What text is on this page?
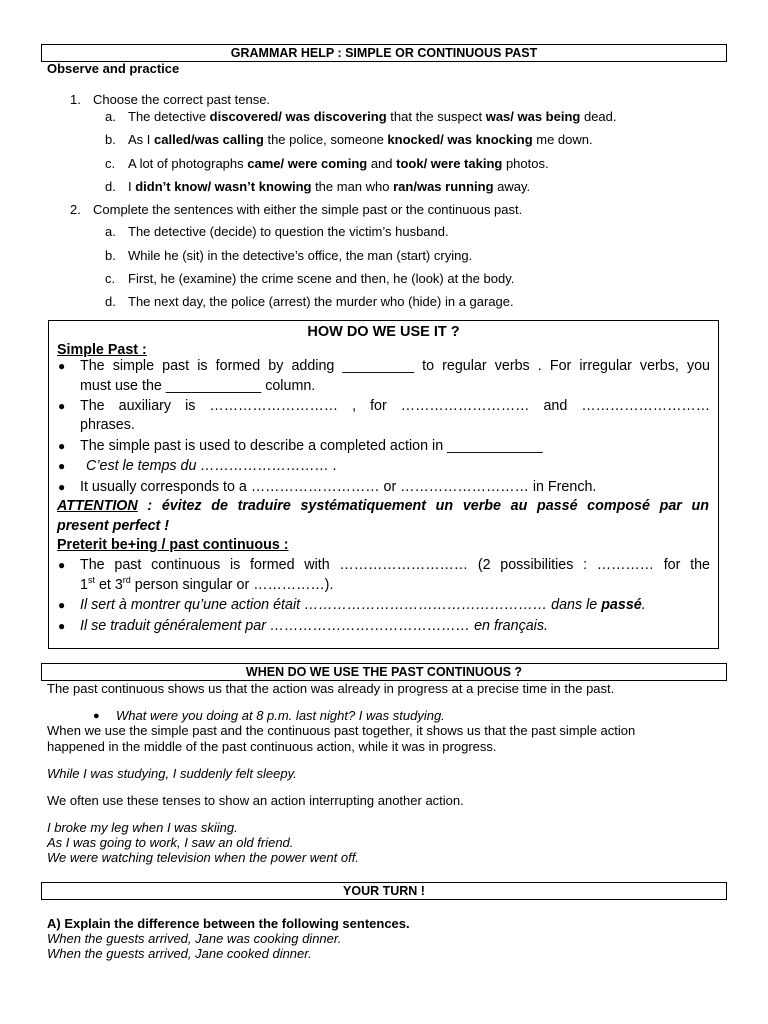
GRAMMAR HELP : SIMPLE OR CONTINUOUS PAST
Observe and practice
1. Choose the correct past tense.
a. The detective discovered/ was discovering that the suspect was/ was being dead.
b. As I called/was calling the police, someone knocked/ was knocking me down.
c. A lot of photographs came/ were coming and took/ were taking photos.
d. I didn’t know/ wasn’t knowing the man who ran/was running away.
2. Complete the sentences with either the simple past or the continuous past.
a. The detective (decide) to question the victim’s husband.
b. While he (sit) in the detective’s office, the man (start) crying.
c. First, he (examine) the crime scene and then, he (look) at the body.
d. The next day, the police (arrest) the murder who (hide) in a garage.
HOW DO WE USE IT ?
Simple Past :
● The simple past is formed by adding _________ to regular verbs . For irregular verbs, you
must use the ____________ column.
● The auxiliary is ……………………… , for ……………………… and ………………………
phrases.
● The simple past is used to describe a completed action in ____________
● C’est le temps du ……………………… .
● It usually corresponds to a ……………………… or ……………………… in French.
ATTENTION : évitez de traduire systématiquement un verbe au passé composé par un
present perfect !
Preterit be+ing / past continuous :
● The past continuous is formed with ……………………… (2 possibilities : ………… for the
1st et 3rd person singular or ……………).
● Il sert à montrer qu’une action était …………………………………………… dans le passé.
● Il se traduit généralement par …………………………………… en français.
WHEN DO WE USE THE PAST CONTINUOUS ?
The past continuous shows us that the action was already in progress at a precise time in the past.
● What were you doing at 8 p.m. last night? I was studying.
When we use the simple past and the continuous past together, it shows us that the past simple action
happened in the middle of the past continuous action, while it was in progress.
While I was studying, I suddenly felt sleepy.
We often use these tenses to show an action interrupting another action.
I broke my leg when I was skiing.
As I was going to work, I saw an old friend.
We were watching television when the power went off.
YOUR TURN !
A) Explain the difference between the following sentences.
When the guests arrived, Jane was cooking dinner.
When the guests arrived, Jane cooked dinner.
